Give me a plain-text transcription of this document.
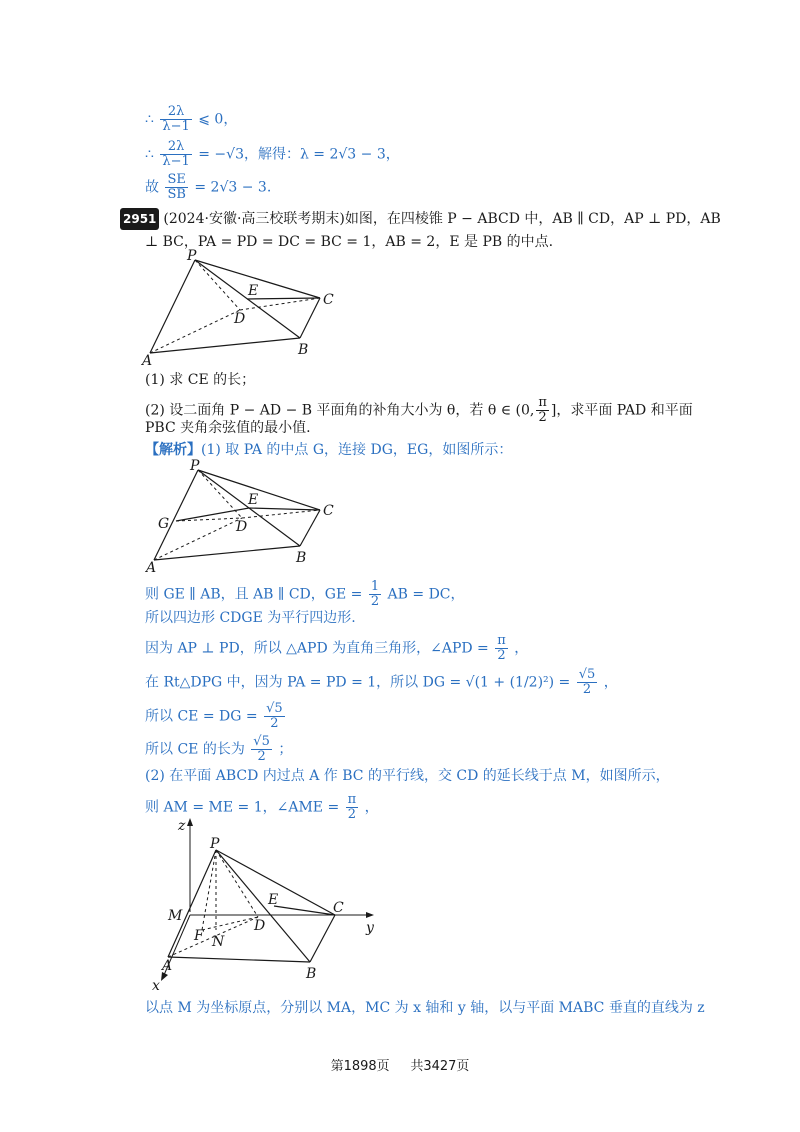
∴ $\frac{2\lambda}{\lambda-1}$ ⩽ 0，
∴ $\frac{2\lambda}{\lambda-1} = -√3$，解得：λ = 2√3 − 3，
故 $\frac{SE}{SB} = 2√3 - 3$.
2951 (2024·安徽·高三校联考期末)如图，在四棱锥 P − ABCD 中，AB ∥ CD，AP ⊥ PD，AB
⊥ BC，PA = PD = DC = BC = 1，AB = 2，E 是 PB 的中点.
P
E
C
D
A
B
(1) 求 CE 的长；
(2) 设二面角 P − AD − B 平面角的补角大小为 θ，若 θ ∈ (0, $\frac{\pi}{2}$ ]，求平面 PAD 和平面
PBC 夹角余弦值的最小值.
【解析】(1) 取 PA 的中点 G，连接 DG，EG，如图所示：
P
E
C
G	D
A
B
则 GE ∥ AB，且 AB ∥ CD，GE = $\frac{1}{2}$ AB = DC，
所以四边形 CDGE 为平行四边形.
因为 AP ⊥ PD，所以 △APD 为直角三角形，∠APD = $\frac{\pi}{2}$ ，
在 Rt△DPG 中，因为 PA = PD = 1，所以 DG = $√(1 + (1/2)^2) = \frac{√5}{2}$ ，
所以 CE = DG = $\frac{√5}{2}$
所以 CE 的长为 $\frac{√5}{2}$ ；
(2) 在平面 ABCD 内过点 A 作 BC 的平行线，交 CD 的延长线于点 M，如图所示，
则 AM = ME = 1，∠AME = $\frac{\pi}{2}$ ，
z
P
M
E	C
y
F
D
N
A	B
x
以点 M 为坐标原点，分别以 MA，MC 为 x 轴和 y 轴，以与平面 MABC 垂直的直线为 z
第1898页 共3427页
